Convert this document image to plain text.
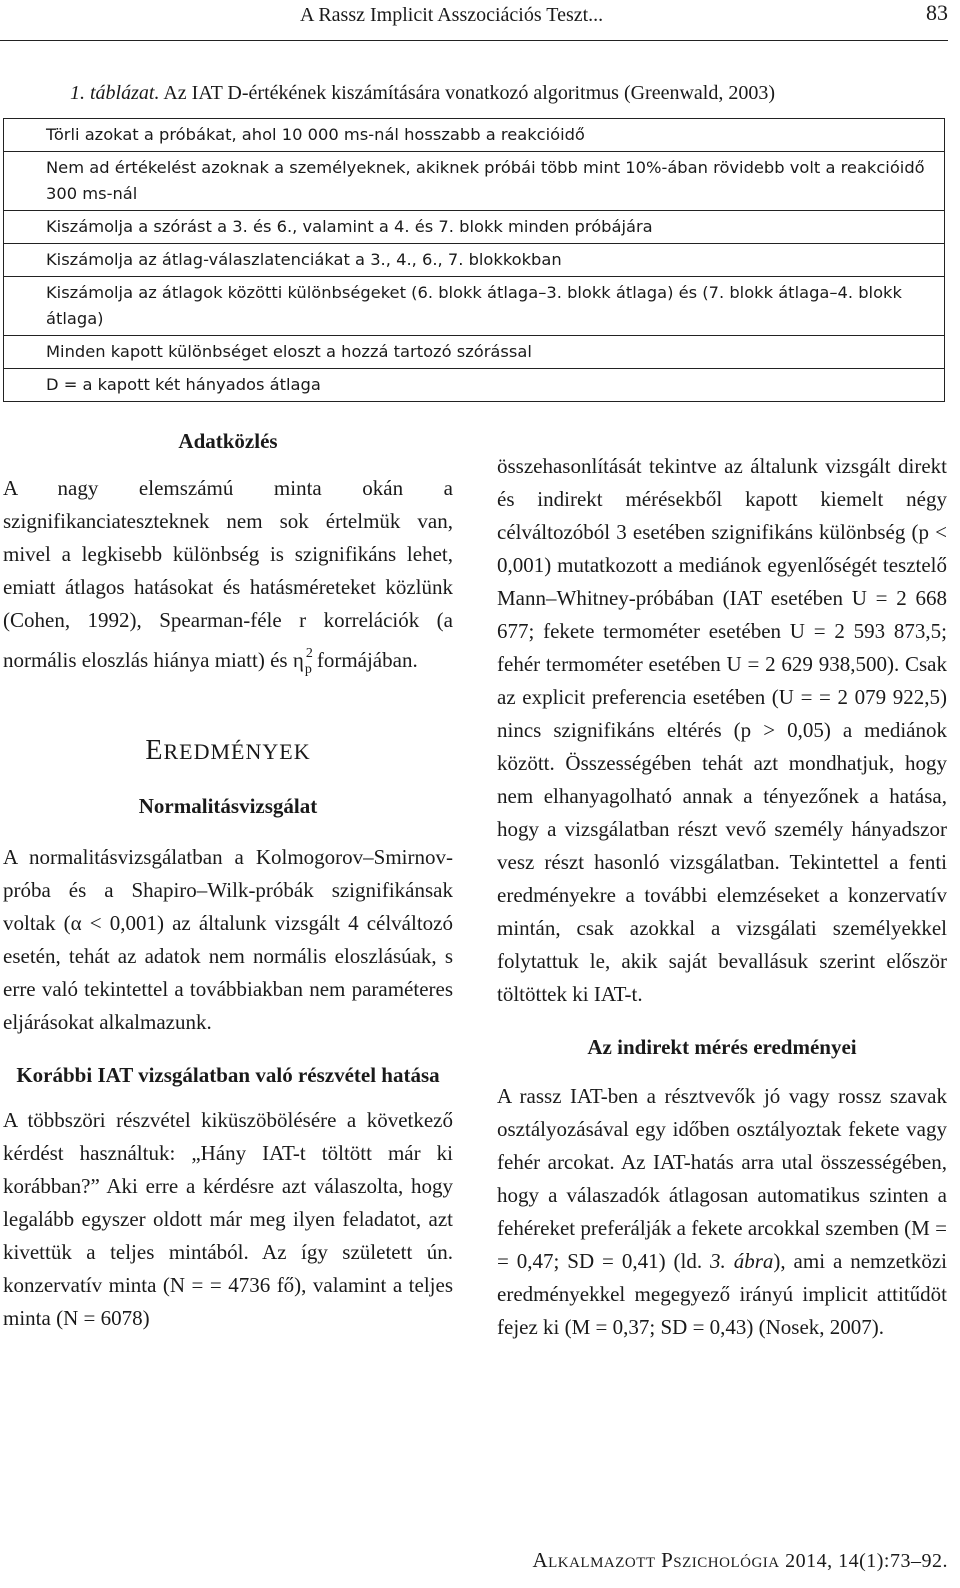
A Rassz Implicit Asszociációs Teszt...	83
1. táblázat. Az IAT D-értékének kiszámítására vonatkozó algoritmus (Greenwald, 2003)
Törli azokat a próbákat, ahol 10 000 ms-nál hosszabb a reakcióidő

Nem ad értékelést azoknak a személyeknek, akiknek próbái több mint 10%-ában rövidebb volt a reakcióidő 300 ms-nál

Kiszámolja a szórást a 3. és 6., valamint a 4. és 7. blokk minden próbájára

Kiszámolja az átlag-válaszlatenciákat a 3., 4., 6., 7. blokkokban

Kiszámolja az átlagok közötti különbségeket (6. blokk átlaga–3. blokk átlaga) és (7. blokk átlaga–4. blokk átlaga)

Minden kapott különbséget eloszt a hozzá tartozó szórással

D = a kapott két hányados átlaga

Adatközlés

A nagy elemszámú minta okán a szignifikanciateszteknek nem sok értelmük van, mivel a legkisebb különbség is szignifikáns lehet, emiatt átlagos hatásokat és hatásméreteket közlünk (Cohen, 1992), Spearman-féle r korrelációk (a normális eloszlás hiánya miatt) és $\eta_p^2$ formájában.

EREDMÉNYEK

Normalitásvizsgálat

A normalitásvizsgálatban a Kolmogorov–Smirnov-próba és a Shapiro–Wilk-próbák szignifikánsak voltak (α < 0,001) az általunk vizsgált 4 célváltozó esetén, tehát az adatok nem normális eloszlásúak, s erre való tekintettel a továbbiakban nem paraméteres eljárásokat alkalmazunk.

Korábbi IAT vizsgálatban való részvétel hatása

A többszöri részvétel kiküszöbölésére a következő kérdést használtuk: „Hány IAT-t töltött már ki korábban?” Aki erre a kérdésre azt válaszolta, hogy legalább egyszer oldott már meg ilyen feladatot, azt kivettük a teljes mintából. Az így született ún. konzervatív minta (N = = 4736 fő), valamint a teljes minta (N = 6078)

összehasonlítását tekintve az általunk vizsgált direkt és indirekt mérésekből kapott kiemelt négy célváltozóból 3 esetében szignifikáns különbség (p < 0,001) mutatkozott a mediánok egyenlőségét tesztelő Mann–Whitney-próbában (IAT esetében U = 2 668 677; fekete termométer esetében U = 2 593 873,5; fehér termométer esetében U = 2 629 938,500). Csak az explicit preferencia esetében (U = = 2 079 922,5) nincs szignifikáns eltérés (p > 0,05) a mediánok között. Összességében tehát azt mondhatjuk, hogy nem elhanyagolható annak a tényezőnek a hatása, hogy a vizsgálatban részt vevő személy hányadszor vesz részt hasonló vizsgálatban. Tekintettel a fenti eredményekre a további elemzéseket a konzervatív mintán, csak azokkal a vizsgálati személyekkel folytattuk le, akik saját bevallásuk szerint először töltöttek ki IAT-t.

Az indirekt mérés eredményei

A rassz IAT-ben a résztvevők jó vagy rossz szavak osztályozásával egy időben osztályoztak fekete vagy fehér arcokat. Az IAT-hatás arra utal összességében, hogy a válaszadók átlagosan automatikus szinten a fehéreket preferálják a fekete arcokkal szemben (M = = 0,47; SD = 0,41) (ld. 3. ábra), ami a nemzetközi eredményekkel megegyező irányú implicit attitűdöt fejez ki (M = 0,37; SD = 0,43) (Nosek, 2007).

ALKALMAZOTT PSZICHOLÓGIA 2014, 14(1):73–92.
